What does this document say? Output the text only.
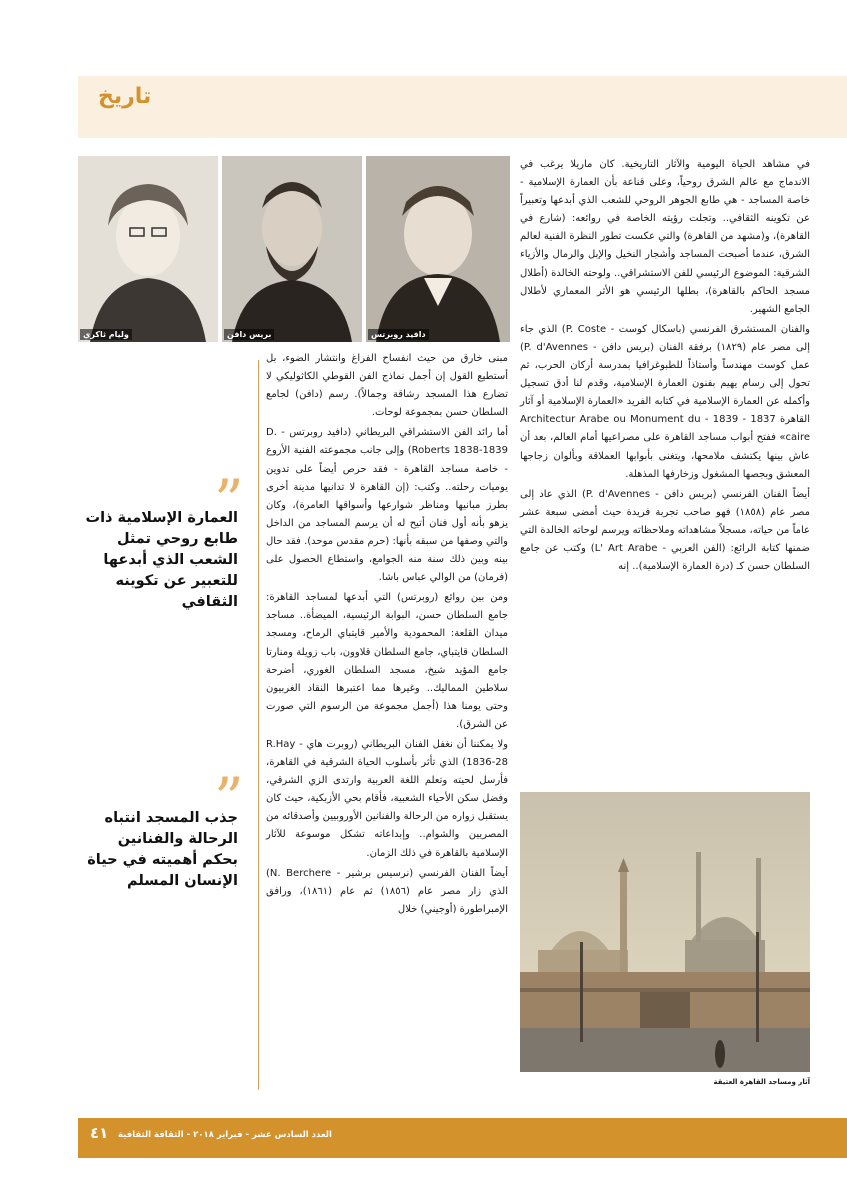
تاريخ
دافيد روبرتس
بريس دافن
وليام ثاكري

في مشاهد الحياة اليومية والآثار التاريخية. كان ماريلا يرغب في الاندماج مع عالم الشرق روحياً، وعلى قناعة بأن العمارة الإسلامية - خاصة المساجد - هي طابع الجوهر الروحي للشعب الذي أبدعها وتعبيراً عن تكوينه الثقافي.. وتجلت رؤيته الخاصة في روائعه: (شارع في القاهرة)، و(مشهد من القاهرة) والتي عكست تطور النظرة الفنية لعالم الشرق، عندما أصبحت المساجد وأشجار النخيل والإبل والرمال والأزياء الشرقية: الموضوع الرئيسي للفن الاستشراقي.. ولوحته الخالدة (أطلال مسجد الحاكم بالقاهرة)، بطلها الرئيسي هو الأثر المعماري لأطلال الجامع الشهير.

والفنان المستشرق الفرنسي (باسكال كوست - P. Coste) الذي جاء إلى مصر عام (١٨٢٩) برفقة الفنان (بريس دافن - P. d'Avennes) عمل كوست مهندساً وأستاذاً للطبوغرافيا بمدرسة أركان الحرب، ثم تحول إلى رسام يهيم بفنون العمارة الإسلامية، وقدم لنا أدق تسجيل وأكمله عن العمارة الإسلامية في كتابه الفريد «العمارة الإسلامية أو آثار القاهرة 1837 - 1839 - Architectur Arabe ou Monument du caire» ففتح أبواب مساجد القاهرة على مصراعيها أمام العالم، بعد أن عاش بينها يكتشف ملامحها، ويتغنى بأبوابها العملاقة وبألوان زجاجها المعشق وبجصها المشغول وزخارفها المذهلة.

أيضاً الفنان الفرنسي (بريس دافن - P. d'Avennes) الذي عاد إلى مصر عام (١٨٥٨) فهو صاحب تجربة فريدة حيث أمضى سبعة عشر عاماً من حياته، مسجلاً مشاهداته وملاحظاته ويرسم لوحاته الخالدة التي ضمنها كتابة الرائع: (الفن العربي - L' Art Arabe) وكتب عن جامع السلطان حسن كـ (درة العمارة الإسلامية).. إنه

مبنى خارق من حيث انفساح الفراغ وانتشار الضوء، بل أستطيع القول إن أجمل نماذج الفن القوطي الكاثوليكي لا تضارع هذا المسجد رشاقة وجمالاً). رسم (دافن) لجامع السلطان حسن بمجموعة لوحات.

أما رائد الفن الاستشراقي البريطاني (دافيد روبرتس - D. Roberts 1838-1839) وإلى جانب مجموعته الفنية الأروع - خاصة مساجد القاهرة - فقد حرص أيضاً على تدوين يوميات رحلته.. وكتب: (إن القاهرة لا تدانيها مدينة أخرى بطرز مبانيها ومناظر شوارعها وأسواقها العامرة)، وكان يزهو بأنه أول فنان أتيح له أن يرسم المساجد من الداخل والتي وصفها من سبقه بأنها: (حرم مقدس موحد). فقد حال بينه وبين ذلك سنة منه الجوامع، واستطاع الحصول على (فرمان) من الوالي عباس باشا.

ومن بين روائع (روبرتس) التي أبدعها لمساجد القاهرة: جامع السلطان حسن، البوابة الرئيسية، الميضأة.. مساجد ميدان القلعة: المحمودية والأمير قايتباي الرماح، ومسجد السلطان قايتباي، جامع السلطان قلاوون، باب زويلة ومنارتا جامع المؤيد شيخ، مسجد السلطان الغوري، أضرحة سلاطين المماليك.. وغيرها مما اعتبرها النقاد الغربيون وحتى يومنا هذا (أجمل مجموعة من الرسوم التي صورت عن الشرق).

ولا يمكننا أن نغفل الفنان البريطاني (روبرت هاي - R.Hay 1836-28) الذي تأثر بأسلوب الحياة الشرقية في القاهرة، فأرسل لحيته وتعلم اللغة العربية وارتدى الزي الشرقي، وفضل سكن الأحياء الشعبية، فأقام بحي الأزبكية، حيث كان يستقبل زواره من الرحالة والفنانين الأوروبيين وأصدقائه من المصريين والشوام.. وإبداعاته تشكل موسوعة للآثار الإسلامية بالقاهرة في ذلك الزمان.

أيضاً الفنان الفرنسي (نرسيس برشير - N. Berchere) الذي زار مصر عام (١٨٥٦) ثم عام (١٨٦١)، ورافق الإمبراطورة (أوجيني) خلال

”
العمارة الإسلامية ذات طابع روحي تمثل الشعب الذي أبدعها للتعبير عن تكوينه الثقافي
”
جذب المسجد انتباه الرحالة والفنانين بحكم أهميته في حياة الإنسان المسلم
آثار ومساجد القاهرة العتيقة
٤١ العدد السادس عشر - فبراير ٢٠١٨ - الثقافة الثقافية
